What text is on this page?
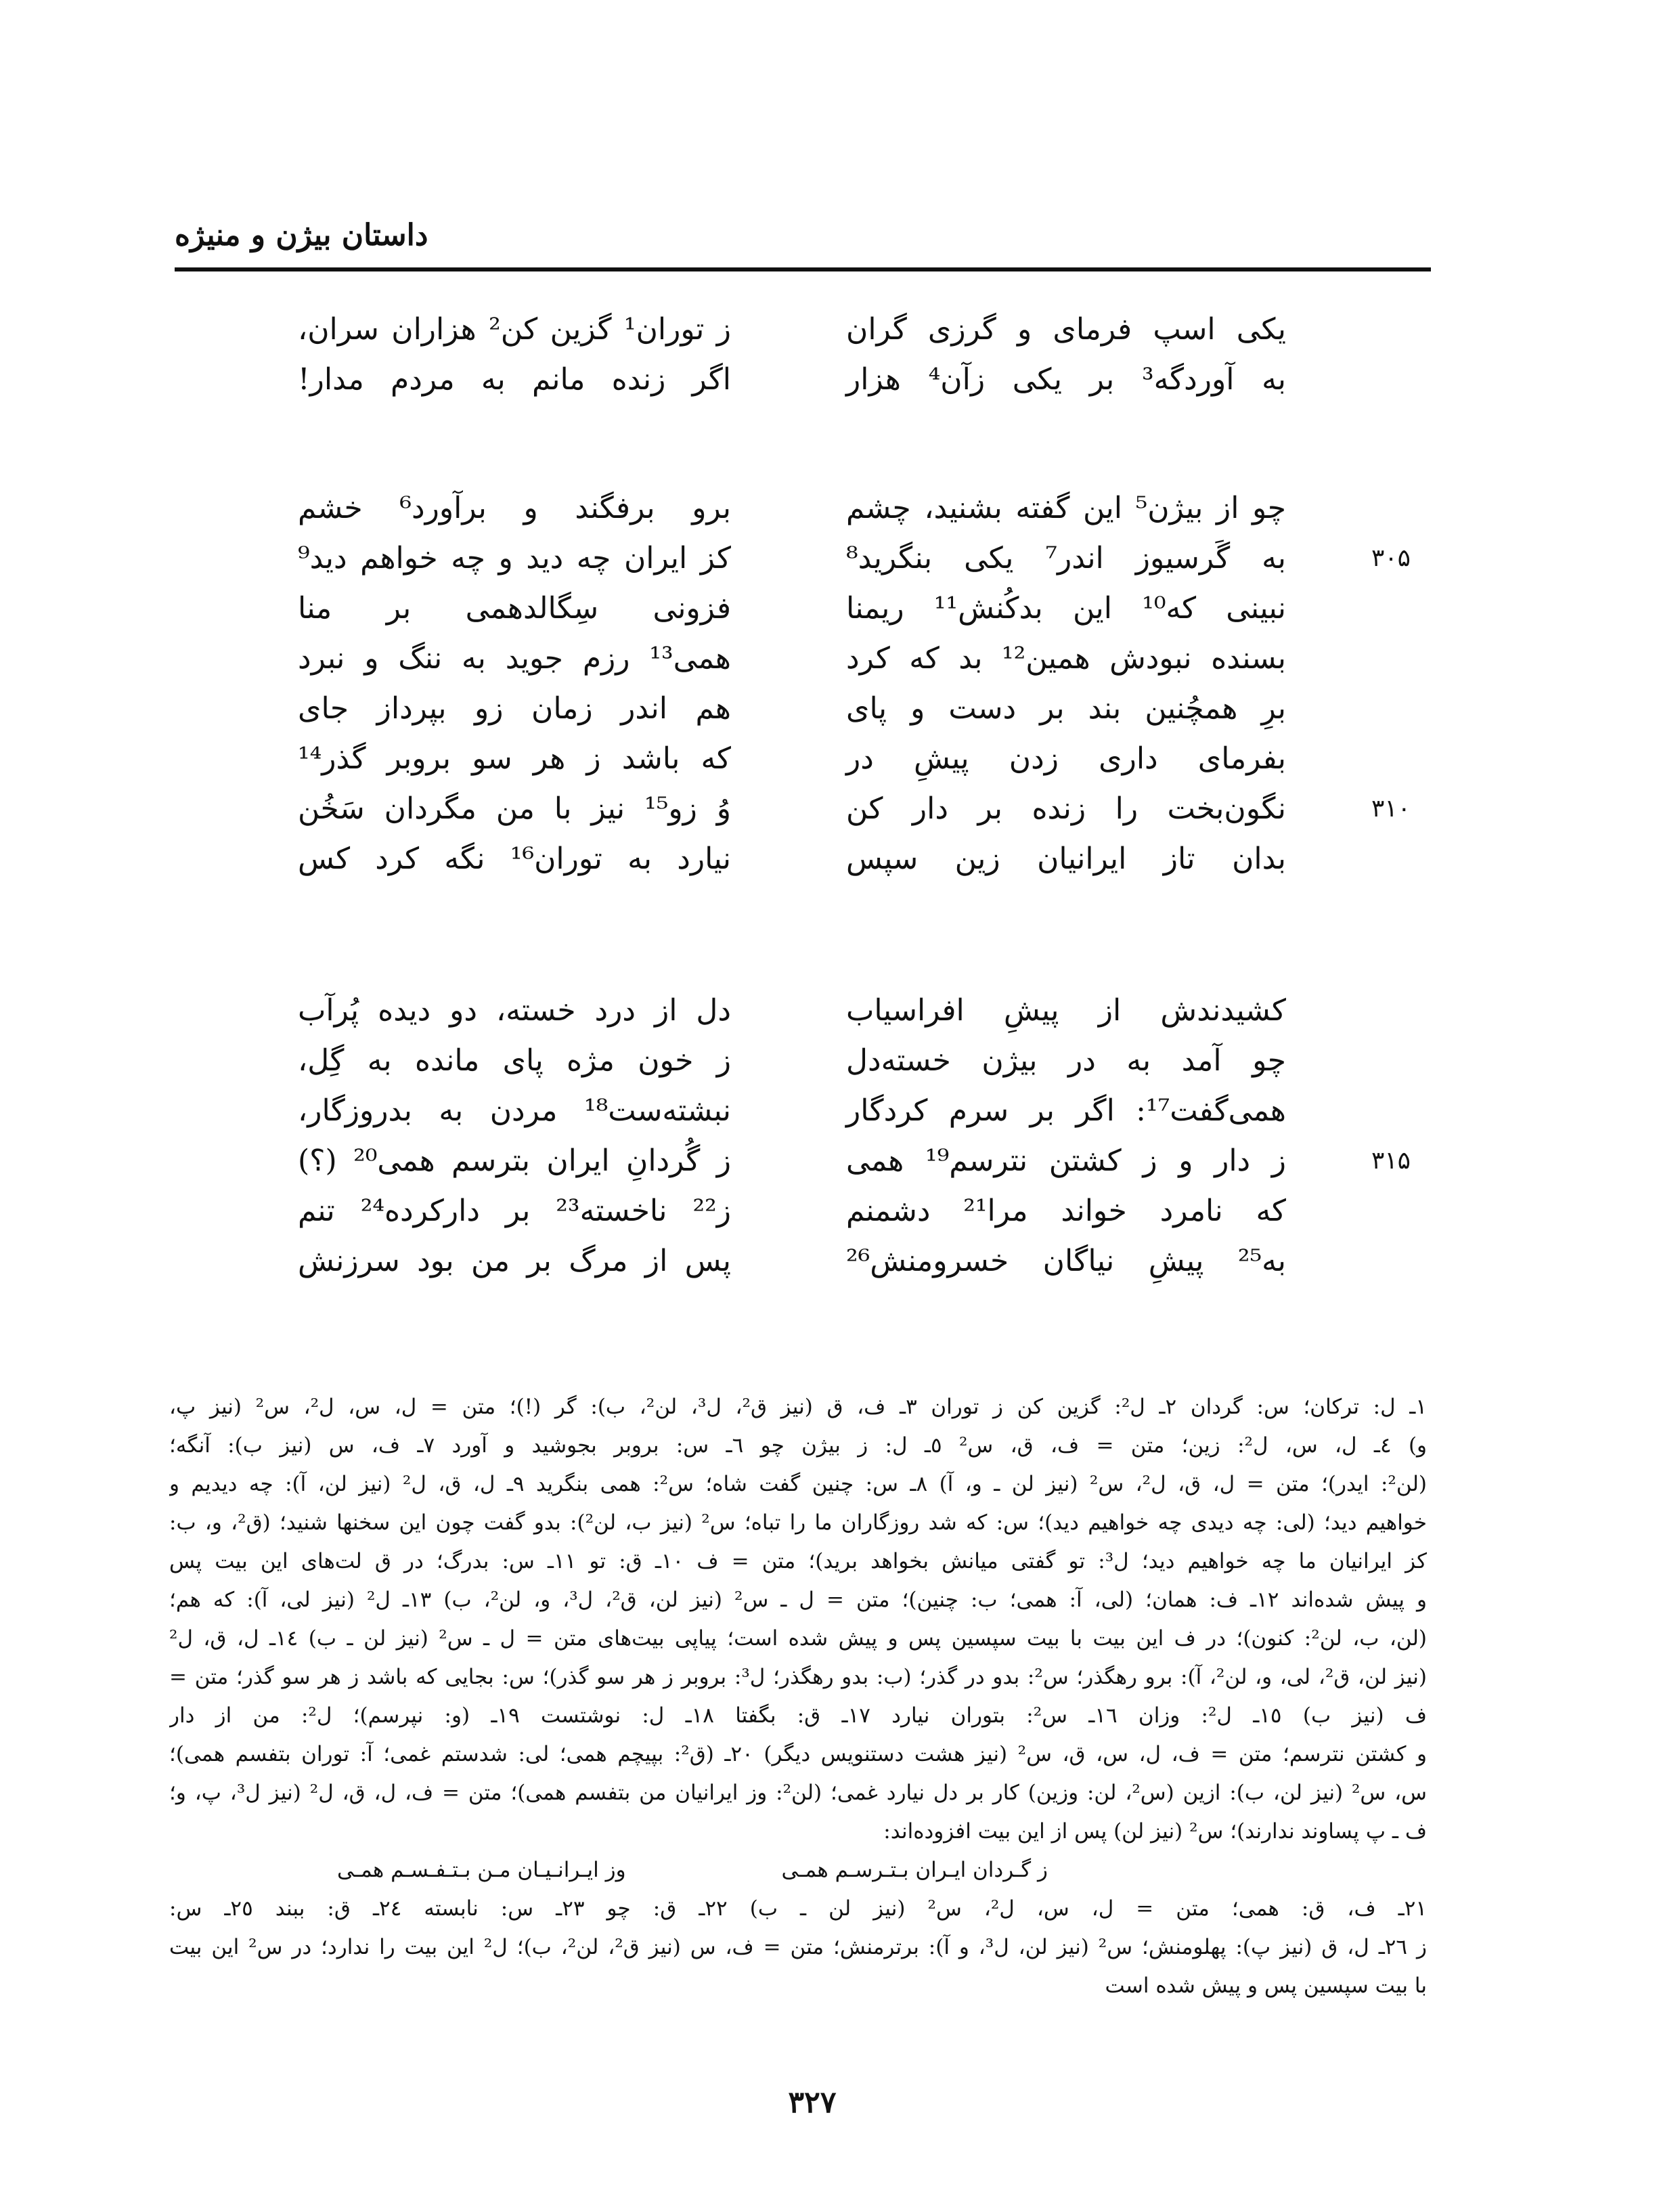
داستان بیژن و منیژه
یکی اسپ فرمای و گرزی گران
ز توران¹ گزین کن² هزاران سران،
به آوردگه³ بر یکی زآن⁴ هزار
اگر زنده مانم به مردم مدار!
چو از بیژن⁵ این گفته بشنید، چشم
برو برفگند و برآورد⁶ خشم
۳۰۵
به گَرسیوز اندر⁷ یکی بنگرید⁸
کز ایران چه دید و چه خواهم دید⁹
نبینی که¹⁰ این بدکُنش¹¹ ریمنا
فزونی سِگالدهمی بر منا
بسنده نبودش همین¹² بد که کرد
همی¹³ رزم جوید به ننگ و نبرد
برِ همچُنین بند بر دست و پای
هم اندر زمان زو بپرداز جای
بفرمای داری زدن پیشِ در
که باشد ز هر سو بروبر گذر¹⁴
۳۱۰
نگون‌بخت را زنده بر دار کن
وُ زو¹⁵ نیز با من مگردان سَخُن
بدان تاز ایرانیان زین سپس
نیارد به توران¹⁶ نگه کرد کس
کشیدندش از پیشِ افراسیاب
دل از درد خسته، دو دیده پُرآب
چو آمد به در بیژن خسته‌دل
ز خون مژه پای مانده به گِل،
همی‌گفت¹⁷: اگر بر سرم کردگار
نبشته‌ست¹⁸ مردن به بدروزگار،
۳۱۵
ز دار و ز کشتن نترسم¹⁹ همی
ز گُردانِ ایران بترسم همی²⁰ (؟)
که نامرد خواند مرا²¹ دشمنم
ز²² ناخسته²³ بر دارکرده²⁴ تنم
به²⁵ پیشِ نیاگان خسرومنش²⁶
پس از مرگ بر من بود سرزنش
۱ـ ل: ترکان؛ س: گردان ۲ـ ل²: گزین کن ز توران ۳ـ ف، ق (نیز ق²، ل³، لن²، ب): گر (!)؛ متن = ل، س، ل²، س² (نیز پ،
و) ٤ـ ل، س، ل²: زین؛ متن = ف، ق، س² ٥ـ ل: ز بیژن چو ٦ـ س: بروبر بجوشید و آورد ٧ـ ف، س (نیز ب): آنگه؛
(لن²: ایدر)؛ متن = ل، ق، ل²، س² (نیز لن ـ و، آ) ٨ـ س: چنین گفت شاه؛ س²: همی بنگرید ٩ـ ل، ق، ل² (نیز لن، آ): چه دیدیم و
خواهیم دید؛ (لی: چه دیدی چه خواهیم دید)؛ س: که شد روزگاران ما را تباه؛ س² (نیز ب، لن²): بدو گفت چون این سخنها شنید؛ (ق²، و، ب:
کز ایرانیان ما چه خواهیم دید؛ ل³: تو گفتی میانش بخواهد برید)؛ متن = ف ۱۰ـ ق: تو ۱۱ـ س: بدرگ؛ در ق لت‌های این بیت پس
و پیش شده‌اند ۱۲ـ ف: همان؛ (لی، آ: همی؛ ب: چنین)؛ متن = ل ـ س² (نیز لن، ق²، ل³، و، لن²، ب) ۱۳ـ ل² (نیز لی، آ): که هم؛
(لن، ب، لن²: کنون)؛ در ف این بیت با بیت سپسین پس و پیش شده است؛ پیاپی بیت‌های متن = ل ـ س² (نیز لن ـ ب) ١٤ـ ل، ق، ل²
(نیز لن، ق²، لی، و، لن²، آ): برو رهگذر؛ س²: بدو در گذر؛ (ب: بدو رهگذر؛ ل³: بروبر ز هر سو گذر)؛ س: بجایی که باشد ز هر سو گذر؛ متن =
ف (نیز ب) ١٥ـ ل²: وزان ١٦ـ س²: بتوران نیارد ١٧ـ ق: بگفتا ١٨ـ ل: نوشتست ١٩ـ (و: نپرسم)؛ ل²: من از دار
و کشتن نترسم؛ متن = ف، ل، س، ق، س² (نیز هشت دستنویس دیگر) ۲۰ـ (ق²: بپیچم همی؛ لی: شدستم غمی؛ آ: توران بتفسم همی)؛
س، س² (نیز لن، ب): ازین (س²، لن: وزین) کار بر دل نیارد غمی؛ (لن²: وز ایرانیان من بتفسم همی)؛ متن = ف، ل، ق، ل² (نیز ل³، پ، و؛
ف ـ پ پساوند ندارند)؛ س² (نیز لن) پس از این بیت افزوده‌اند:
وز ایـرانـیـان مـن بـتـفـسـم همـی	ز گـردان ایـران بـتـرسـم همـی
۲۱ـ ف، ق: همی؛ متن = ل، س، ل²، س² (نیز لن ـ ب) ۲۲ـ ق: چو ۲۳ـ س: نابسته ۲٤ـ ق: ببند ۲٥ـ س:
ز ۲٦ـ ل، ق (نیز پ): پهلومنش؛ س² (نیز لن، ل³، و آ): برترمنش؛ متن = ف، س (نیز ق²، لن²، ب)؛ ل² این بیت را ندارد؛ در س² این بیت
با بیت سپسین پس و پیش شده است
۳۲۷
